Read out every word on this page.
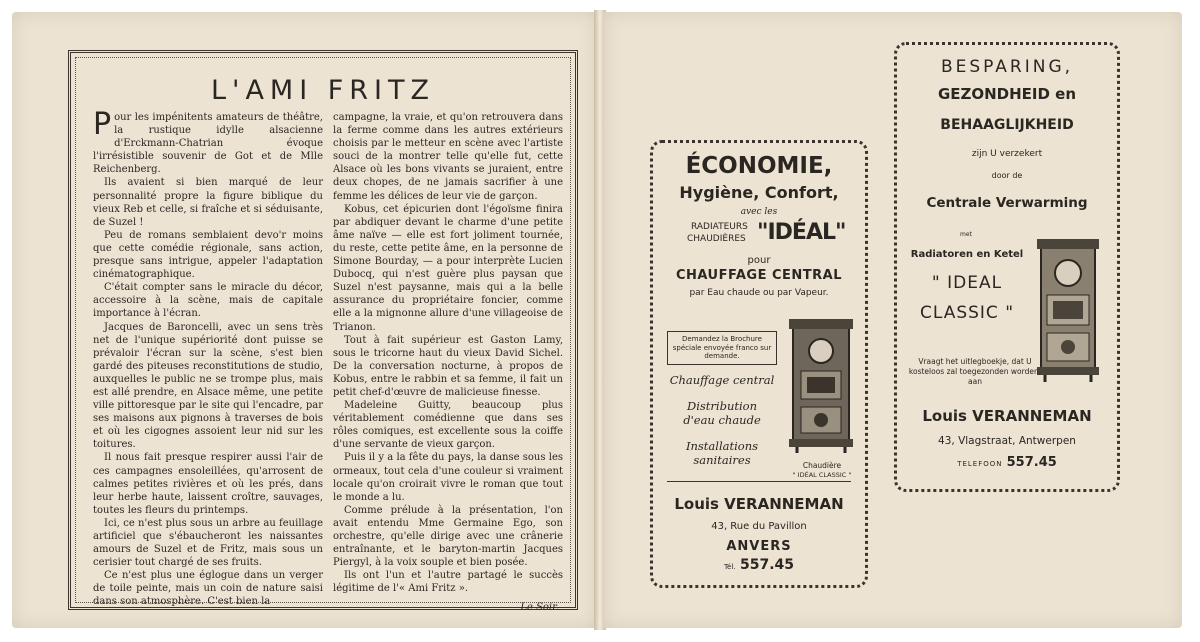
L'AMI FRITZ

Pour les impénitents amateurs de théâtre, la rustique idylle alsacienne d'Erckmann-Chatrian évoque l'irrésistible souvenir de Got et de Mlle Reichenberg.

Ils avaient si bien marqué de leur personnalité propre la figure biblique du vieux Reb et celle, si fraîche et si séduisante, de Suzel !

Peu de romans semblaient devo'r moins que cette comédie régionale, sans action, presque sans intrigue, appeler l'adaptation cinématographique.

C'était compter sans le miracle du décor, accessoire à la scène, mais de capitale importance à l'écran.

Jacques de Baroncelli, avec un sens très net de l'unique supériorité dont puisse se prévaloir l'écran sur la scène, s'est bien gardé des piteuses reconstitutions de studio, auxquelles le public ne se trompe plus, mais est allé prendre, en Alsace même, une petite ville pittoresque par le site qui l'encadre, par ses maisons aux pignons à traverses de bois et où les cigognes assoient leur nid sur les toitures.

Il nous fait presque respirer aussi l'air de ces campagnes ensoleillées, qu'arrosent de calmes petites rivières et où les prés, dans leur herbe haute, laissent croître, sauvages, toutes les fleurs du printemps.

Ici, ce n'est plus sous un arbre au feuillage artificiel que s'ébaucheront les naissantes amours de Suzel et de Fritz, mais sous un cerisier tout chargé de ses fruits.

Ce n'est plus une églogue dans un verger de toile peinte, mais un coin de nature saisi dans son atmosphère. C'est bien la

campagne, la vraie, et qu'on retrouvera dans la ferme comme dans les autres extérieurs choisis par le metteur en scène avec l'artiste souci de la montrer telle qu'elle fut, cette Alsace où les bons vivants se juraient, entre deux chopes, de ne jamais sacrifier à une femme les délices de leur vie de garçon.

Kobus, cet épicurien dont l'égoïsme finira par abdiquer devant le charme d'une petite âme naïve — elle est fort joliment tournée, du reste, cette petite âme, en la personne de Simone Bourday, — a pour interprète Lucien Dubocq, qui n'est guère plus paysan que Suzel n'est paysanne, mais qui a la belle assurance du propriétaire foncier, comme elle a la mignonne allure d'une villageoise de Trianon.

Tout à fait supérieur est Gaston Lamy, sous le tricorne haut du vieux David Sichel. De la conversation nocturne, à propos de Kobus, entre le rabbin et sa femme, il fait un petit chef-d'œuvre de malicieuse finesse.

Madeleine Guitty, beaucoup plus véritablement comédienne que dans ses rôles comiques, est excellente sous la coiffe d'une servante de vieux garçon.

Puis il y a la fête du pays, la danse sous les ormeaux, tout cela d'une couleur si vraiment locale qu'on croirait vivre le roman que tout le monde a lu.

Comme prélude à la présentation, l'on avait entendu Mme Germaine Ego, son orchestre, qu'elle dirige avec une crânerie entraînante, et le baryton-martin Jacques Piergyl, à la voix souple et bien posée.

Ils ont l'un et l'autre partagé le succès légitime de l'« Ami Fritz ».

Le Soir.
ÉCONOMIE,
Hygiène, Confort,
avec les
RADIATEURS
CHAUDIÈRES "IDÉAL"
pour
CHAUFFAGE CENTRAL
par Eau chaude ou par Vapeur.
Demandez la Brochure spéciale envoyée franco sur demande.
Chauffage central
Distribution
d'eau chaude
Installations
sanitaires	Chaudière
" IDÉAL CLASSIC "
Louis VERANNEMAN
43, Rue du Pavillon
ANVERS
Tél. 557.45
BESPARING,
GEZONDHEID en
BEHAAGLIJKHEID
zijn U verzekert
door de
Centrale Verwarming
met
Radiatoren en Ketel
" IDEAL
CLASSIC "
Vraagt het uitlegboekje, dat U kosteloos zal toegezonden worden, aan
Louis VERANNEMAN
43, Vlagstraat, Antwerpen
TELEFOON 557.45
